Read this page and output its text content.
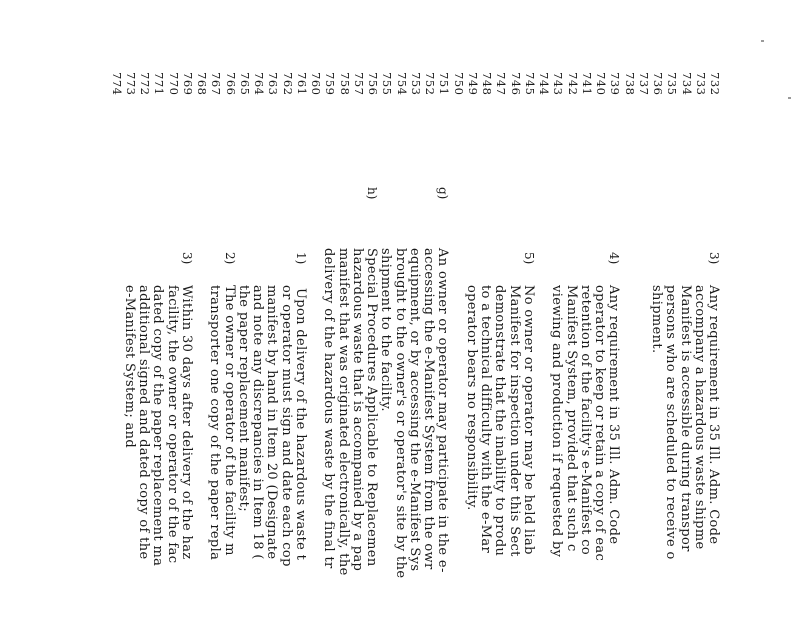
732
733
734
735
736
737
738
739
740
741
742
743
744
745
746
747
748
749
750
751
752
753
754
755
756
757
758
759
760
761
762
763
764
765
766
767
768
769
770
771
772
773
774
3)
4)
5)
g)
h)
1)
2)
3)
Any requirement in 35 Ill. Adm. Code
accompany a hazardous waste shipme
Manifest is accessible during transpor
persons who are scheduled to receive o
shipment.
Any requirement in 35 Ill. Adm. Code
operator to keep or retain a copy of eac
retention of the facility's e-Manifest co
Manifest System, provided that such c
viewing and production if requested by
No owner or operator may be held liab
Manifest for inspection under this Sect
demonstrate that the inability to produ
to a technical difficulty with the e-Mar
operator bears no responsibility.
An owner or operator may participate in the e-
accessing the e-Manifest System from the owr
equipment, or by accessing the e-Manifest Sys
brought to the owner's or operator's site by the
shipment to the facility.
Special Procedures Applicable to Replacemen
hazardous waste that is accompanied by a pap
manifest that was originated electronically, the
delivery of the hazardous waste by the final tr
Upon delivery of the hazardous waste t
or operator must sign and date each cop
manifest by hand in Item 20 (Designate
and note any discrepancies in Item 18 (
the paper replacement manifest;
The owner or operator of the facility m
transporter one copy of the paper repla
Within 30 days after delivery of the haz
facility, the owner or operator of the fac
dated copy of the paper replacement ma
additional signed and dated copy of the
e-Manifest System; and
